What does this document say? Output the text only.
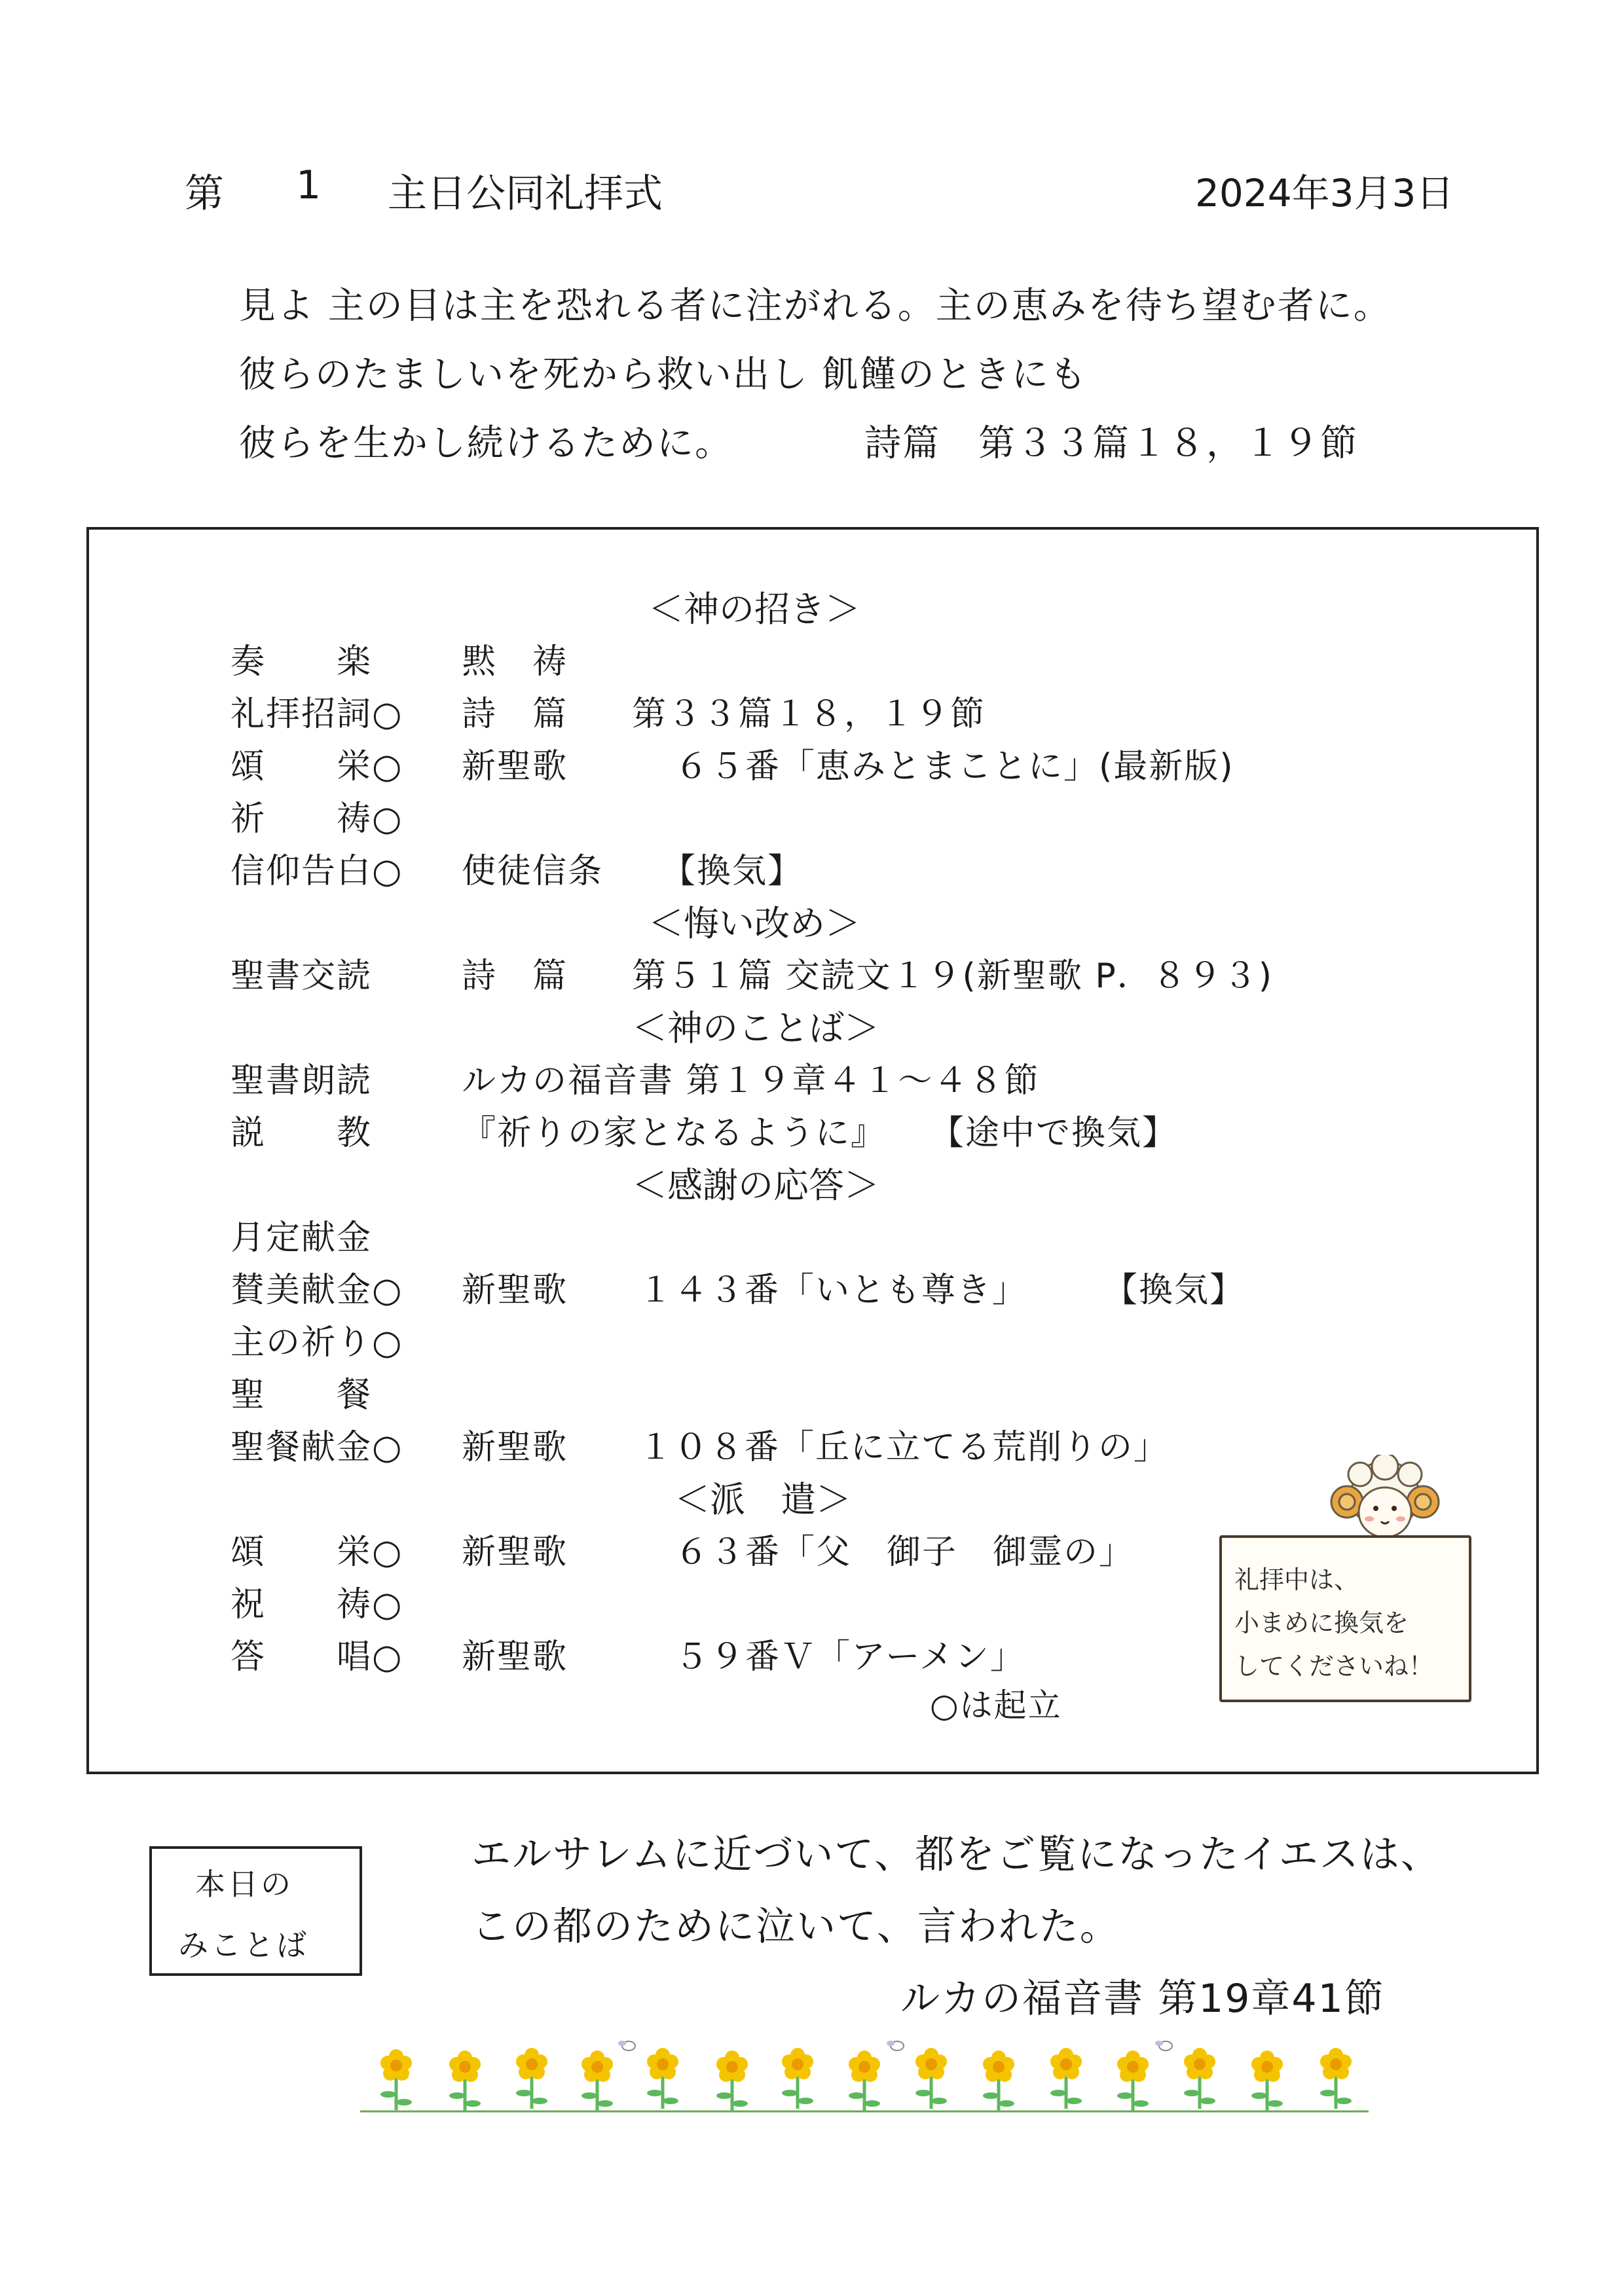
第 1 主日公同礼拝式	2024年3月3日
見よ 主の目は主を恐れる者に注がれる。主の恵みを待ち望む者に。
彼らのたましいを死から救い出し 飢饉のときにも
彼らを生かし続けるために。	詩篇　第３３篇１８，１９節
＜神の招き＞
奏　　楽	黙　祷
礼拝招詞○ 詩　篇 第３３篇１８，１９節
頌　　栄○ 新聖歌	６５番「恵みとまことに」(最新版)
祈　　祷○
信仰告白○ 使徒信条 【換気】
＜悔い改め＞
聖書交読	詩　篇 第５１篇 交読文１９(新聖歌 P．８９３)
＜神のことば＞
聖書朗読	ルカの福音書 第１９章４１～４８節
説　　教	『祈りの家となるように』 【途中で換気】
＜感謝の応答＞
月定献金
賛美献金○ 新聖歌 １４３番「いとも尊き」 【換気】
主の祈り○
聖　　餐
聖餐献金○ 新聖歌 １０８番「丘に立てる荒削りの」
＜派　遣＞
頌　　栄○ 新聖歌	６３番「父　御子　御霊の」
祝　　祷○
答　　唱○ 新聖歌	５９番Ｖ「アーメン」
○は起立
礼拝中は、
小まめに換気を
してくださいね！
本日の
みことば
エルサレムに近づいて、都をご覧になったイエスは、
この都のために泣いて、言われた。
ルカの福音書 第19章41節
